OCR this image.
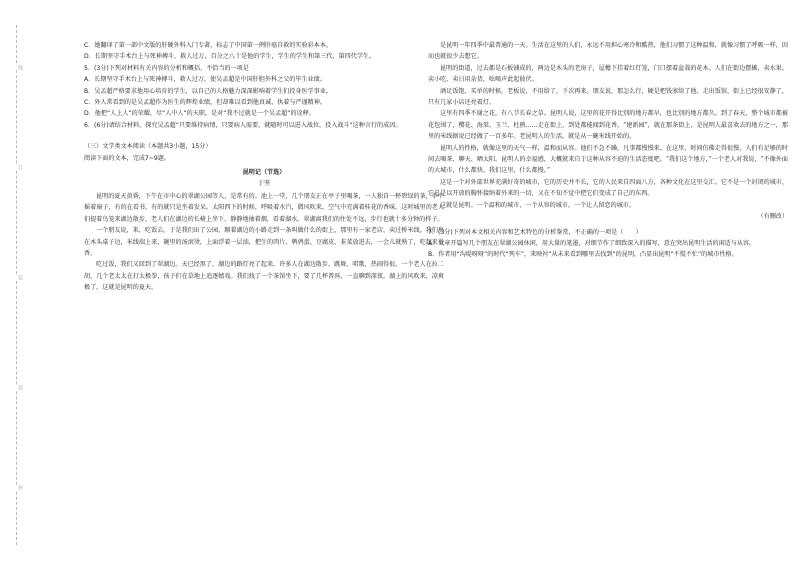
线
订
装
封
密

C．她翻译了第一部中文版的肝硬外科入门专著，标志了中国第一例肝癌自救的实验彩本本。

D．长期坚守手术台上与死神搏斗，救人过万，百分之八十是他的学生，学生的学生和第三代、第四代学生。

5．(3分)下列对材料有关内容的分析和概括，不恰当的一项是

A．长期坚守手术台上与死神搏斗，救人过万，使吴孟超是中国肝胆外科之父的毕生业绩。

B．吴孟超严格要求他用心培育的学生，以自己的人格魅力深深影响着学生们投身医学事业。

C．外人常看到的是吴孟超作为医生的辉煌业绩，但却难以看到他真诚、执着与严谨精神。

D．他把“人上人”的荣耀，尽“人中人”的天职，是对“我不过就是一个吴孟超”的诠释。

6．(6分)请结合材料，探究吴孟超“只要维持病情，只要病人需要，就随时可以进入战位，投入战斗”这种言行的成因。

（三）文学类文本阅读（本题共3小题，15分）

阅读下面的文本，完成7~9题。

昆明记（节选）

于坚

昆明的夏天黄昏，下午在市中心的翠湖公园等人，是常有的。池上一堂，几个朋友正在亭子里喝茶，一人独自一杯碧绿的茶，手中摇着扇子，有的在看书，有的就只是坐着发呆。太阳西下的时候，呼吸着水汽，微风吹来，空气中充满着桂花的香味。这时城里的老人们提着鸟笼来湖边散步，老人们在湖边的长椅上坐下，静静地抽着烟，看着湖水。翠湖离我们的住处不远，步行也就十多分钟的样子。

一个朋友说，来，吃饭去。于是我们出了公园，顺着湖边的小路走到一条叫做什么的街上，那里有一家老店，卖过桥米线。我们坐在木头桌子边，米线端上来，碗里的汤滚烫，上面浮着一层油，把生的肉片、鹌鹑蛋、豆腐皮、韭菜放进去，一会儿就熟了，吃起来很香。

吃过饭，我们又回到了翠湖边。天已经黑了，湖边的路灯亮了起来，许多人在湖边散步、跳舞、唱歌，热闹得很。一个老人在拉二胡，几个老太太在打太极拳，孩子们在草地上追逐嬉戏。我们找了一个茶馆坐下，要了几杯普洱，一直聊到深夜。湖上的风吹来，凉爽极了，这就是昆明的夏天。

是昆明一年四季中最普通的一天。生活在这里的人们，永远不用担心寒冷和酷热，他们习惯了这种温和，就像习惯了呼吸一样，因而也就很少去想它。

昆明的街道，过去都是石板铺成的，两边是木头的老房子，屋檐下挂着红灯笼，门口摆着盆栽的花木。人们在街边摆摊，卖水果、卖小吃、卖日用杂货，吆喝声此起彼伏。

酒足饭饱，买单的时候，老板说，不用给了，下次再来。朋友说，那怎么行，硬是把钱塞给了他。走出饭馆，街上已经很安静了，只有几家小店还亮着灯。

这里有四季不谢之花，有八节长春之草。昆明人说，这里的花开得比别的地方都早，也比别的地方都久。到了春天，整个城市都被花包围了，樱花、海棠、玉兰、杜鹃……走在街上，到处都能闻到花香。“建新园”，就在那条街上，是昆明人最喜欢去的地方之一，那里的米线据说已经做了一百多年。老昆明人的生活，就是从一碗米线开始的。

昆明人的性格，就像这里的天气一样，温和而从容。他们不急不躁，凡事都慢慢来。在这里，时间仿佛走得很慢，人们有足够的时间去喝茶、聊天、晒太阳。昆明人的幸福感，大概就来自于这种从容不迫的生活态度吧。“我们这个地方，”一个老人对我说，“不像外面的大城市，什么都快。我们这里，什么都慢。”

这是一个对外部世界充满好奇的城市，它的历史并不长，它的人民来自四面八方，各种文化在这里交汇。它不是一个封闭的城市，它总是以开放的胸怀接纳着外来的一切，又在不知不觉中把它们变成了自己的东西。

这就是昆明。一个温和的城市，一个从容的城市，一个让人留恋的城市。

（有删改）

7．(3分)下列对本文相关内容和艺术特色的分析鉴赏，不正确的一项是（　　）

A．文章开篇写几个朋友在翠湖公园休闲，用大量的笔墨，对细节作了细致深入的描写，意在突出昆明生活的闲适与从容。

B．作者用“沟堤呀呀”的时代“列车”，来映衬“从未来看到哪里去找到”的昆明，凸显出昆明“不慌不忙”的城市性格。
